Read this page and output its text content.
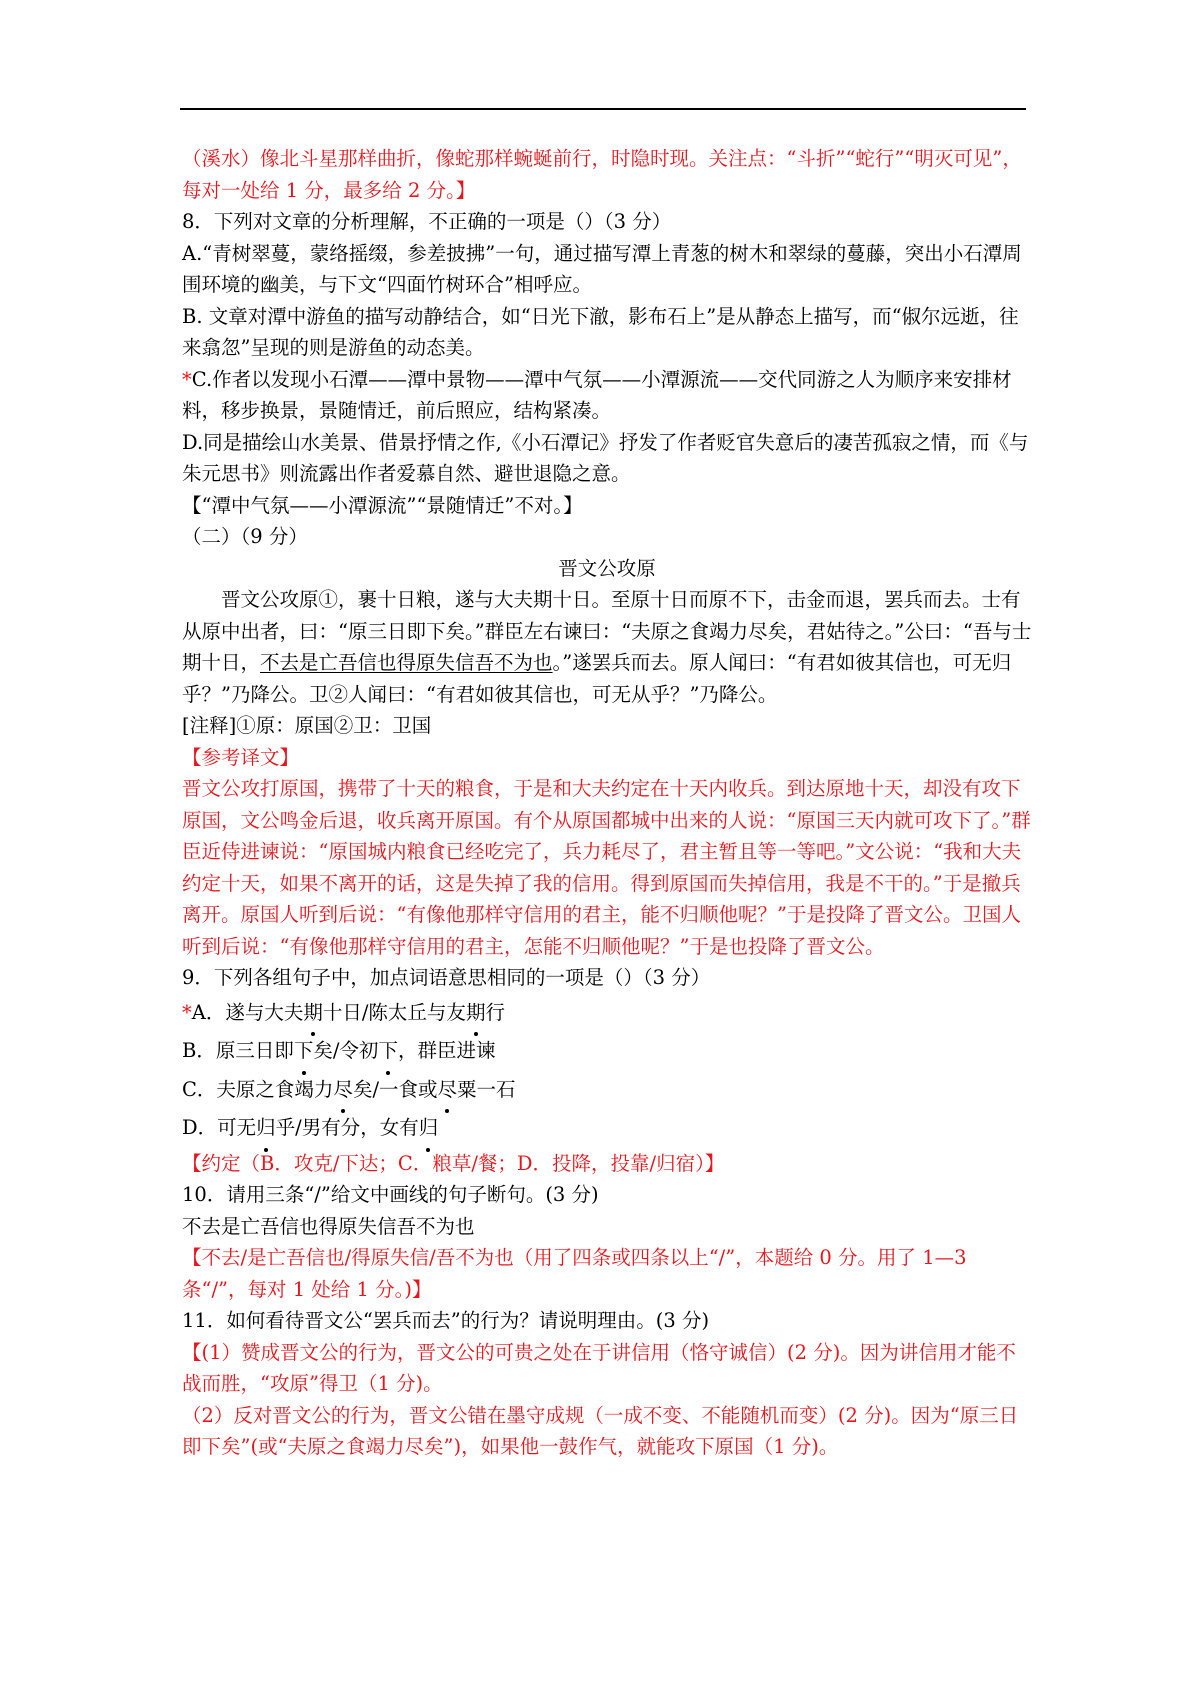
（溪水）像北斗星那样曲折，像蛇那样蜿蜒前行，时隐时现。关注点：“斗折”“蛇行”“明灭可见”，每对一处给 1 分，最多给 2 分。】

8．下列对文章的分析理解，不正确的一项是（）（3 分）

A.“青树翠蔓，蒙络摇缀，参差披拂”一句，通过描写潭上青葱的树木和翠绿的蔓藤，突出小石潭周围环境的幽美，与下文“四面竹树环合”相呼应。

B. 文章对潭中游鱼的描写动静结合，如“日光下澈，影布石上”是从静态上描写，而“俶尔远逝，往来翕忽”呈现的则是游鱼的动态美。

*C.作者以发现小石潭——潭中景物——潭中气氛——小潭源流——交代同游之人为顺序来安排材料，移步换景，景随情迁，前后照应，结构紧凑。

D.同是描绘山水美景、借景抒情之作,《小石潭记》抒发了作者贬官失意后的凄苦孤寂之情，而《与朱元思书》则流露出作者爱慕自然、避世退隐之意。

【“潭中气氛——小潭源流”“景随情迁”不对。】

（二）（9 分）

晋文公攻原

晋文公攻原①，裹十日粮，遂与大夫期十日。至原十日而原不下，击金而退，罢兵而去。士有从原中出者，曰：“原三日即下矣。”群臣左右谏曰：“夫原之食竭力尽矣，君姑待之。”公曰：“吾与士期十日，不去是亡吾信也得原失信吾不为也。”遂罢兵而去。原人闻曰：“有君如彼其信也，可无归乎？”乃降公。卫②人闻曰：“有君如彼其信也，可无从乎？”乃降公。

[注释]①原：原国②卫：卫国

【参考译文】

晋文公攻打原国，携带了十天的粮食，于是和大夫约定在十天内收兵。到达原地十天，却没有攻下原国，文公鸣金后退，收兵离开原国。有个从原国都城中出来的人说：“原国三天内就可攻下了。”群臣近侍进谏说：“原国城内粮食已经吃完了，兵力耗尽了，君主暂且等一等吧。”文公说：“我和大夫约定十天，如果不离开的话，这是失掉了我的信用。得到原国而失掉信用，我是不干的。”于是撤兵离开。原国人听到后说：“有像他那样守信用的君主，能不归顺他呢？”于是投降了晋文公。卫国人听到后说：“有像他那样守信用的君主，怎能不归顺他呢？”于是也投降了晋文公。

9．下列各组句子中，加点词语意思相同的一项是（）（3 分）

*A．遂与大夫期十日/陈太丘与友期行

B．原三日即下矣/令初下，群臣进谏

C．夫原之食竭力尽矣/一食或尽粟一石

D．可无归乎/男有分，女有归

【约定（B．攻克/下达；C．粮草/餐；D．投降，投靠/归宿）】

10．请用三条“/”给文中画线的句子断句。(3 分)

不去是亡吾信也得原失信吾不为也

【不去/是亡吾信也/得原失信/吾不为也（用了四条或四条以上“/”，本题给 0 分。用了 1—3 条“/”，每对 1 处给 1 分。)】

11．如何看待晋文公“罢兵而去”的行为？请说明理由。(3 分)

【(1）赞成晋文公的行为，晋文公的可贵之处在于讲信用（恪守诚信）(2 分)。因为讲信用才能不战而胜，“攻原”得卫（1 分)。

（2）反对晋文公的行为，晋文公错在墨守成规（一成不变、不能随机而变）(2 分)。因为“原三日即下矣”(或“夫原之食竭力尽矣”)，如果他一鼓作气，就能攻下原国（1 分)。
